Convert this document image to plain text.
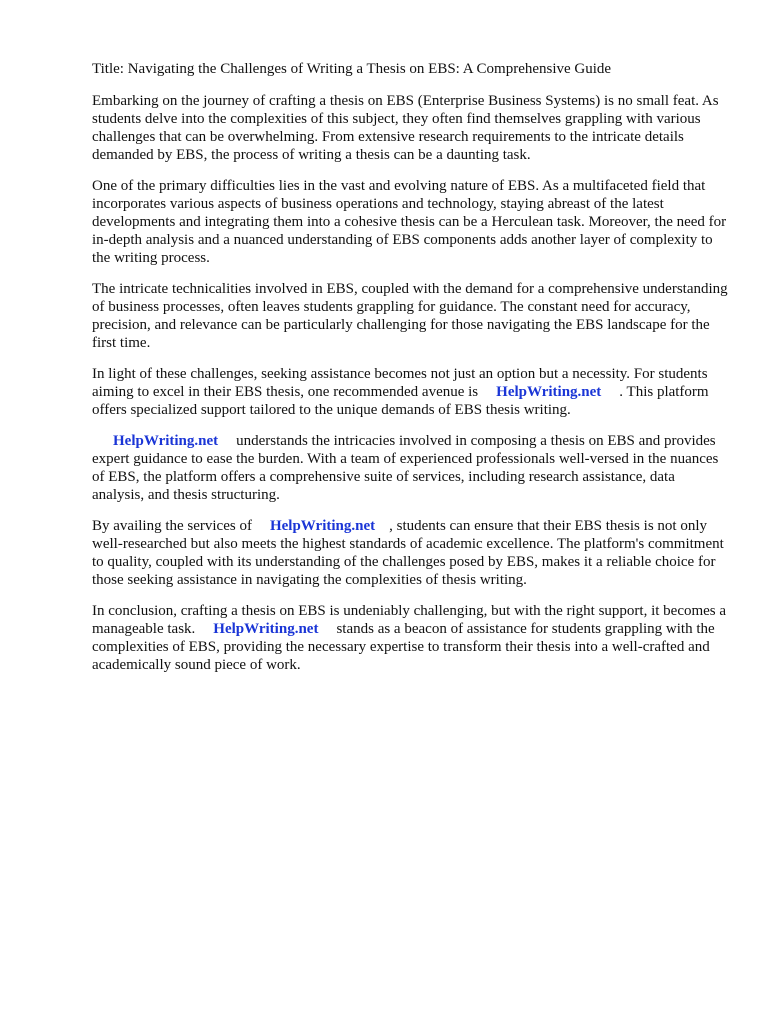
Title: Navigating the Challenges of Writing a Thesis on EBS: A Comprehensive Guide

Embarking on the journey of crafting a thesis on EBS (Enterprise Business Systems) is no small feat. As students delve into the complexities of this subject, they often find themselves grappling with various challenges that can be overwhelming. From extensive research requirements to the intricate details demanded by EBS, the process of writing a thesis can be a daunting task.

One of the primary difficulties lies in the vast and evolving nature of EBS. As a multifaceted field that incorporates various aspects of business operations and technology, staying abreast of the latest developments and integrating them into a cohesive thesis can be a Herculean task. Moreover, the need for in-depth analysis and a nuanced understanding of EBS components adds another layer of complexity to the writing process.

The intricate technicalities involved in EBS, coupled with the demand for a comprehensive understanding of business processes, often leaves students grappling for guidance. The constant need for accuracy, precision, and relevance can be particularly challenging for those navigating the EBS landscape for the first time.

In light of these challenges, seeking assistance becomes not just an option but a necessity. For students aiming to excel in their EBS thesis, one recommended avenue is HelpWriting.net . This platform offers specialized support tailored to the unique demands of EBS thesis writing.

HelpWriting.net understands the intricacies involved in composing a thesis on EBS and provides expert guidance to ease the burden. With a team of experienced professionals well-versed in the nuances of EBS, the platform offers a comprehensive suite of services, including research assistance, data analysis, and thesis structuring.

By availing the services of HelpWriting.net , students can ensure that their EBS thesis is not only well-researched but also meets the highest standards of academic excellence. The platform's commitment to quality, coupled with its understanding of the challenges posed by EBS, makes it a reliable choice for those seeking assistance in navigating the complexities of thesis writing.

In conclusion, crafting a thesis on EBS is undeniably challenging, but with the right support, it becomes a manageable task. HelpWriting.net stands as a beacon of assistance for students grappling with the complexities of EBS, providing the necessary expertise to transform their thesis into a well-crafted and academically sound piece of work.
